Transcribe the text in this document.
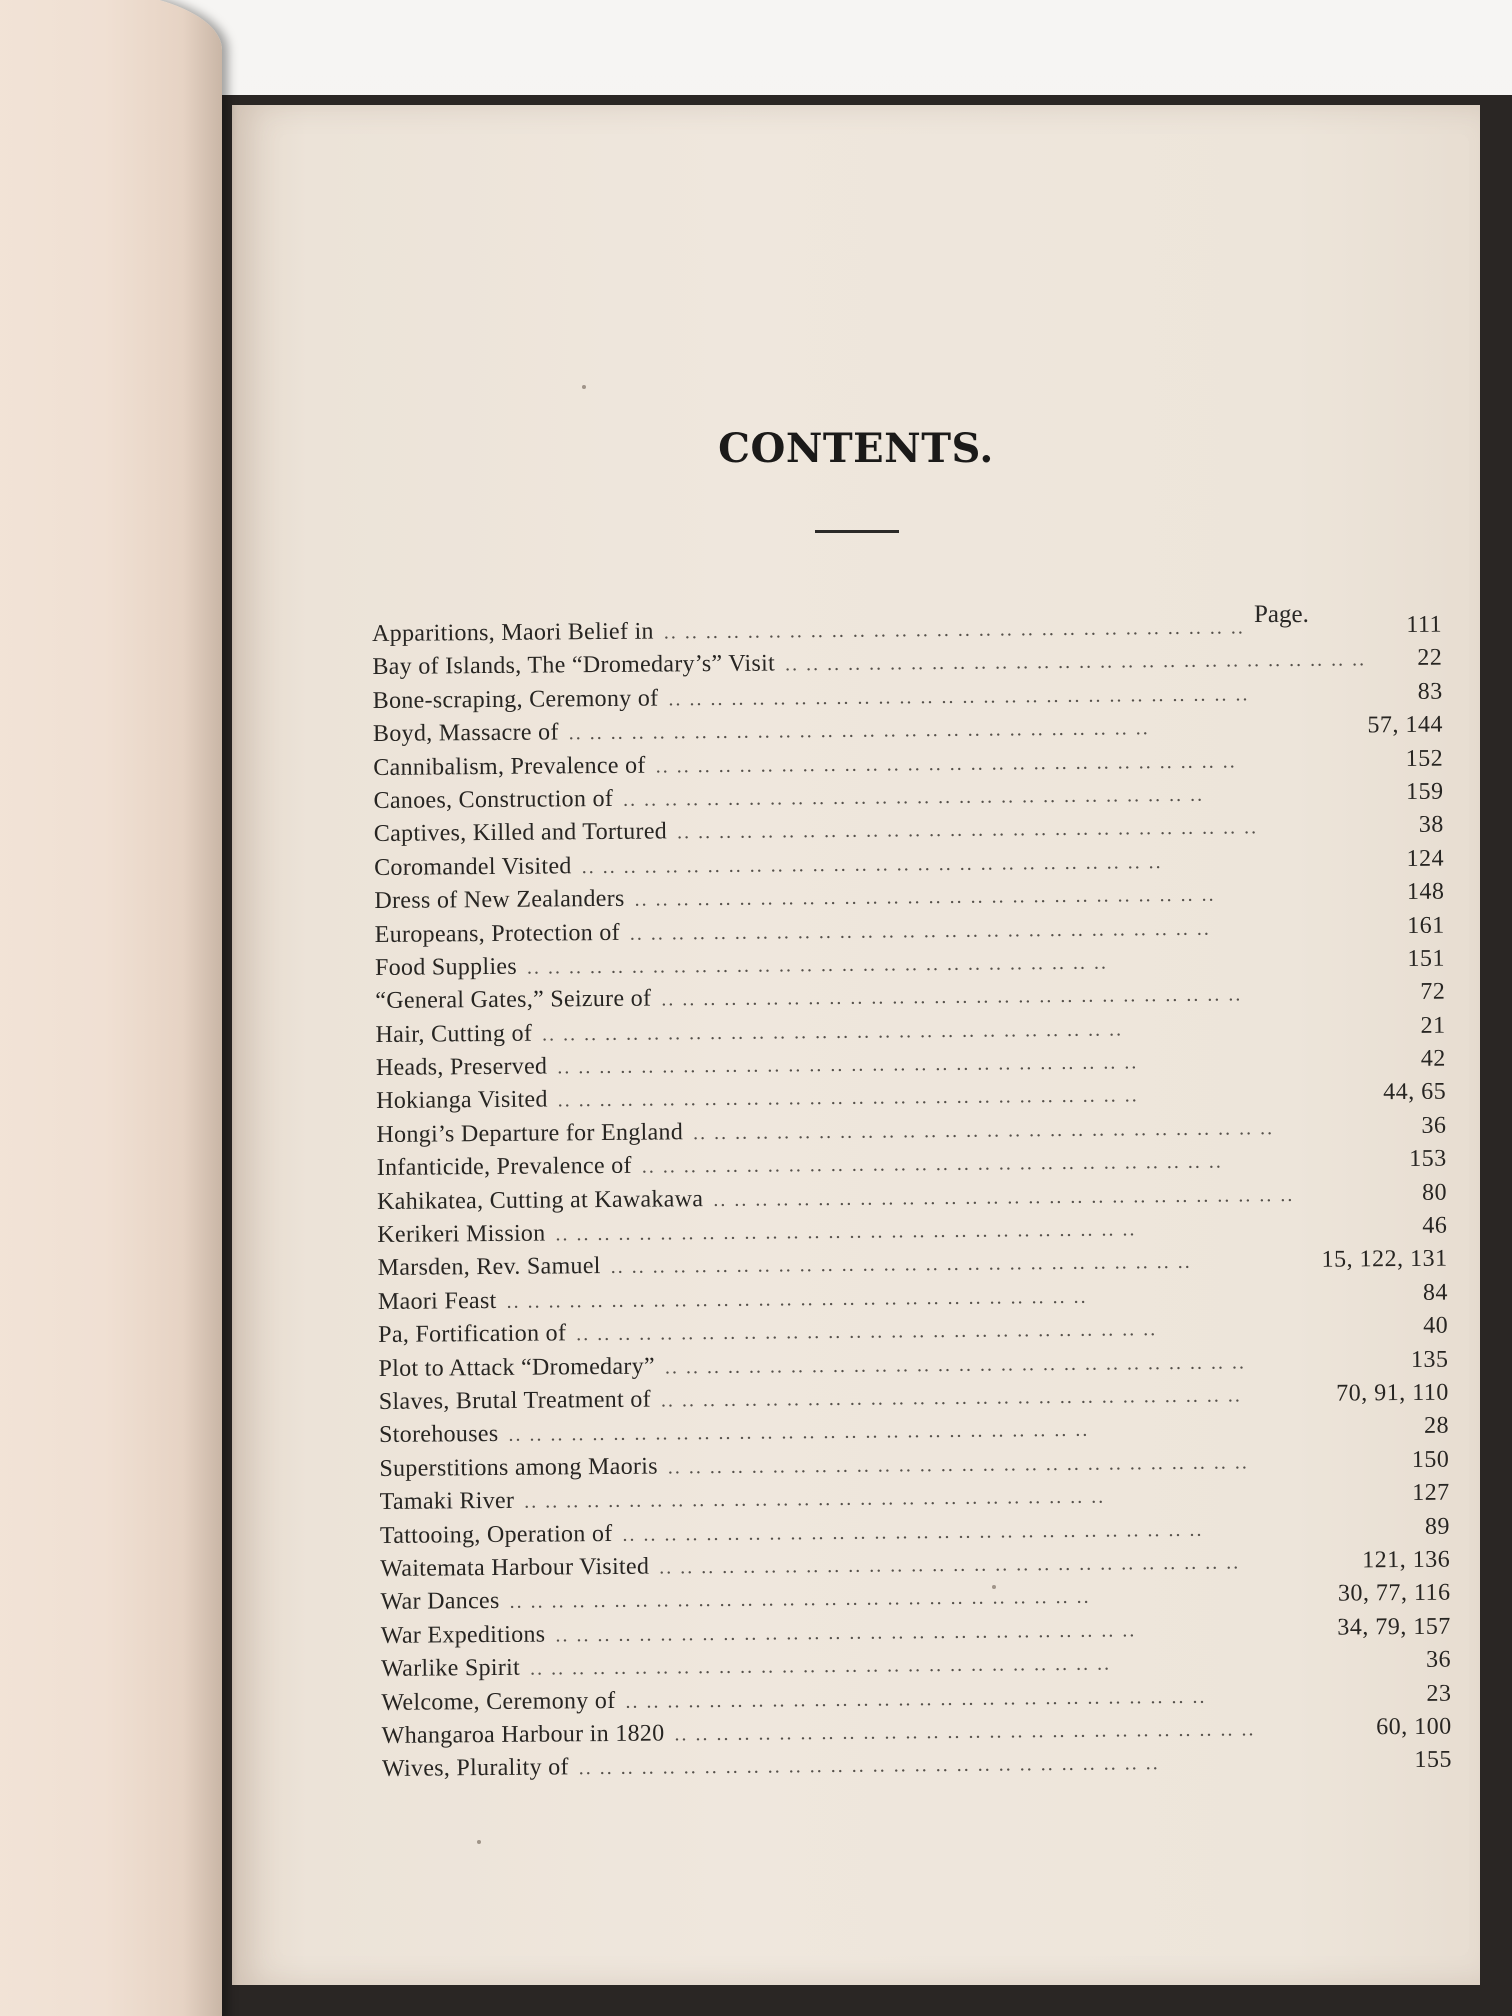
CONTENTS.
Page.
Apparitions, Maori Belief in .. ..	111
Bay of Islands, The “Dromedary’s” Visit .. ..	22
Bone-scraping, Ceremony of .. ..	83
Boyd, Massacre of .. ..	57, 144
Cannibalism, Prevalence of .. ..	152
Canoes, Construction of .. ..	159
Captives, Killed and Tortured .. ..	38
Coromandel Visited .. ..	124
Dress of New Zealanders .. ..	148
Europeans, Protection of .. ..	161
Food Supplies .. ..	151
“General Gates,” Seizure of .. ..	72
Hair, Cutting of .. ..	21
Heads, Preserved .. ..	42
Hokianga Visited .. ..	44, 65
Hongi’s Departure for England .. ..	36
Infanticide, Prevalence of .. ..	153
Kahikatea, Cutting at Kawakawa .. ..	80
Kerikeri Mission .. ..	46
Marsden, Rev. Samuel .. ..	15, 122, 131
Maori Feast .. ..	84
Pa, Fortification of .. ..	40
Plot to Attack “Dromedary” .. ..	135
Slaves, Brutal Treatment of .. ..	70, 91, 110
Storehouses .. ..	28
Superstitions among Maoris .. ..	150
Tamaki River .. ..	127
Tattooing, Operation of .. ..	89
Waitemata Harbour Visited .. ..	121, 136
War Dances .. ..	30, 77, 116
War Expeditions .. ..	34, 79, 157
Warlike Spirit .. ..	36
Welcome, Ceremony of .. ..	23
Whangaroa Harbour in 1820 .. ..	60, 100
Wives, Plurality of .. ..	155
